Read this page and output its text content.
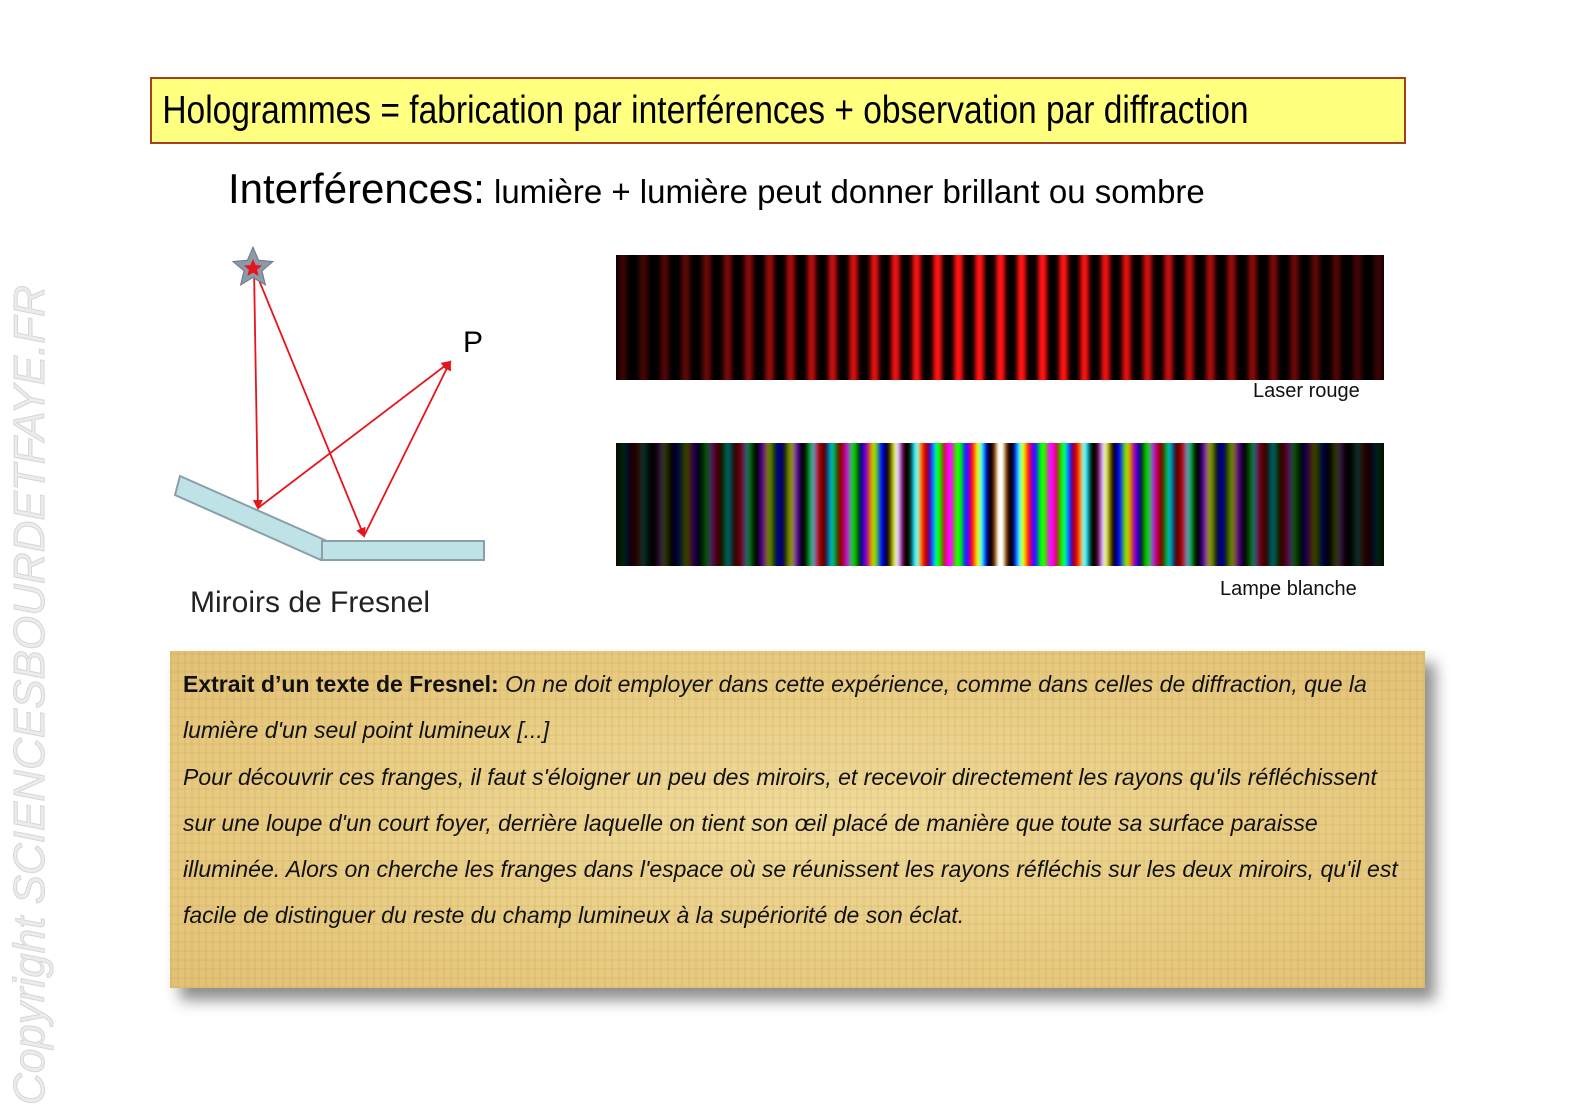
Copyright SCIENCESBOURDETFAYE.FR
Hologrammes = fabrication par interférences + observation par diffraction
Interférences: lumière + lumière peut donner brillant ou sombre
P
Miroirs de Fresnel
Laser rouge
Lampe blanche
Extrait d’un texte de Fresnel: On ne doit employer dans cette expérience, comme dans celles de diffraction, que la lumière d'un seul point lumineux [...]
Pour découvrir ces franges, il faut s'éloigner un peu des miroirs, et recevoir directement les rayons qu'ils réfléchissent sur une loupe d'un court foyer, derrière laquelle on tient son œil placé de manière que toute sa surface paraisse illuminée. Alors on cherche les franges dans l'espace où se réunissent les rayons réfléchis sur les deux miroirs, qu'il est facile de distinguer du reste du champ lumineux à la supériorité de son éclat.
